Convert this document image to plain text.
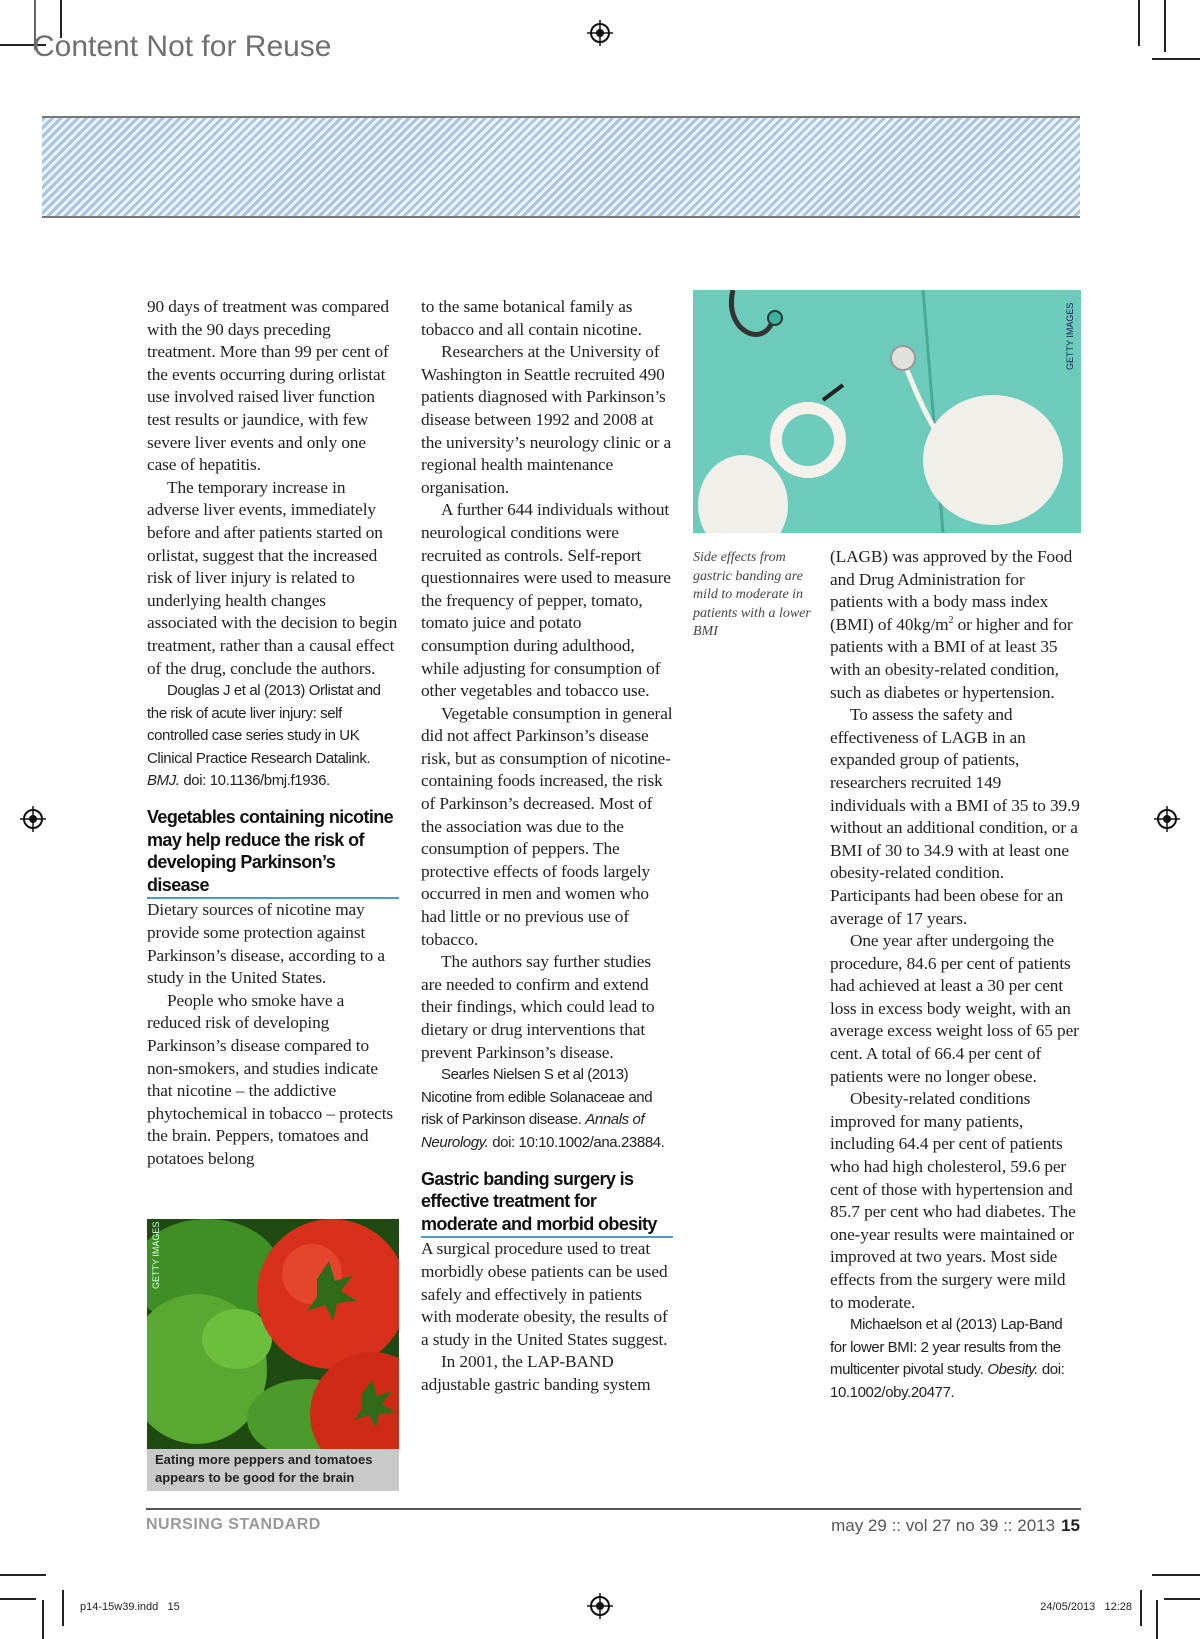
Content Not for Reuse

90 days of treatment was compared with the 90 days preceding treatment. More than 99 per cent of the events occurring during orlistat use involved raised liver function test results or jaundice, with few severe liver events and only one case of hepatitis.

The temporary increase in adverse liver events, immediately before and after patients started on orlistat, suggest that the increased risk of liver injury is related to underlying health changes associated with the decision to begin treatment, rather than a causal effect of the drug, conclude the authors.

Douglas J et al (2013) Orlistat and the risk of acute liver injury: self controlled case series study in UK Clinical Practice Research Datalink. BMJ. doi: 10.1136/bmj.f1936.

Vegetables containing nicotine may help reduce the risk of developing Parkinson’s disease

Dietary sources of nicotine may provide some protection against Parkinson’s disease, according to a study in the United States.

People who smoke have a reduced risk of developing Parkinson’s disease compared to non-smokers, and studies indicate that nicotine – the addictive phytochemical in tobacco – protects the brain. Peppers, tomatoes and potatoes belong

GETTY IMAGES
Eating more peppers and tomatoes appears to be good for the brain

to the same botanical family as tobacco and all contain nicotine.

Researchers at the University of Washington in Seattle recruited 490 patients diagnosed with Parkinson’s disease between 1992 and 2008 at the university’s neurology clinic or a regional health maintenance organisation.

A further 644 individuals without neurological conditions were recruited as controls. Self-report questionnaires were used to measure the frequency of pepper, tomato, tomato juice and potato consumption during adulthood, while adjusting for consumption of other vegetables and tobacco use.

Vegetable consumption in general did not affect Parkinson’s disease risk, but as consumption of nicotine-containing foods increased, the risk of Parkinson’s decreased. Most of the association was due to the consumption of peppers. The protective effects of foods largely occurred in men and women who had little or no previous use of tobacco.

The authors say further studies are needed to confirm and extend their findings, which could lead to dietary or drug interventions that prevent Parkinson’s disease.

Searles Nielsen S et al (2013) Nicotine from edible Solanaceae and risk of Parkinson disease. Annals of Neurology. doi: 10:10.1002/ana.23884.

Gastric banding surgery is effective treatment for moderate and morbid obesity

A surgical procedure used to treat morbidly obese patients can be used safely and effectively in patients with moderate obesity, the results of a study in the United States suggest.

In 2001, the LAP-BAND adjustable gastric banding system

GETTY IMAGES
Side effects from gastric banding are mild to moderate in patients with a lower BMI

(LAGB) was approved by the Food and Drug Administration for patients with a body mass index (BMI) of $40kg/m^2$ or higher and for patients with a BMI of at least 35 with an obesity-related condition, such as diabetes or hypertension.

To assess the safety and effectiveness of LAGB in an expanded group of patients, researchers recruited 149 individuals with a BMI of 35 to 39.9 without an additional condition, or a BMI of 30 to 34.9 with at least one obesity-related condition. Participants had been obese for an average of 17 years.

One year after undergoing the procedure, 84.6 per cent of patients had achieved at least a 30 per cent loss in excess body weight, with an average excess weight loss of 65 per cent. A total of 66.4 per cent of patients were no longer obese.

Obesity-related conditions improved for many patients, including 64.4 per cent of patients who had high cholesterol, 59.6 per cent of those with hypertension and 85.7 per cent who had diabetes. The one-year results were maintained or improved at two years. Most side effects from the surgery were mild to moderate.

Michaelson et al (2013) Lap-Band for lower BMI: 2 year results from the multicenter pivotal study. Obesity. doi: 10.1002/oby.20477.

NURSING STANDARD	may 29 :: vol 27 no 39 :: 2013 15
p14-15w39.indd   15	24/05/2013   12:28
